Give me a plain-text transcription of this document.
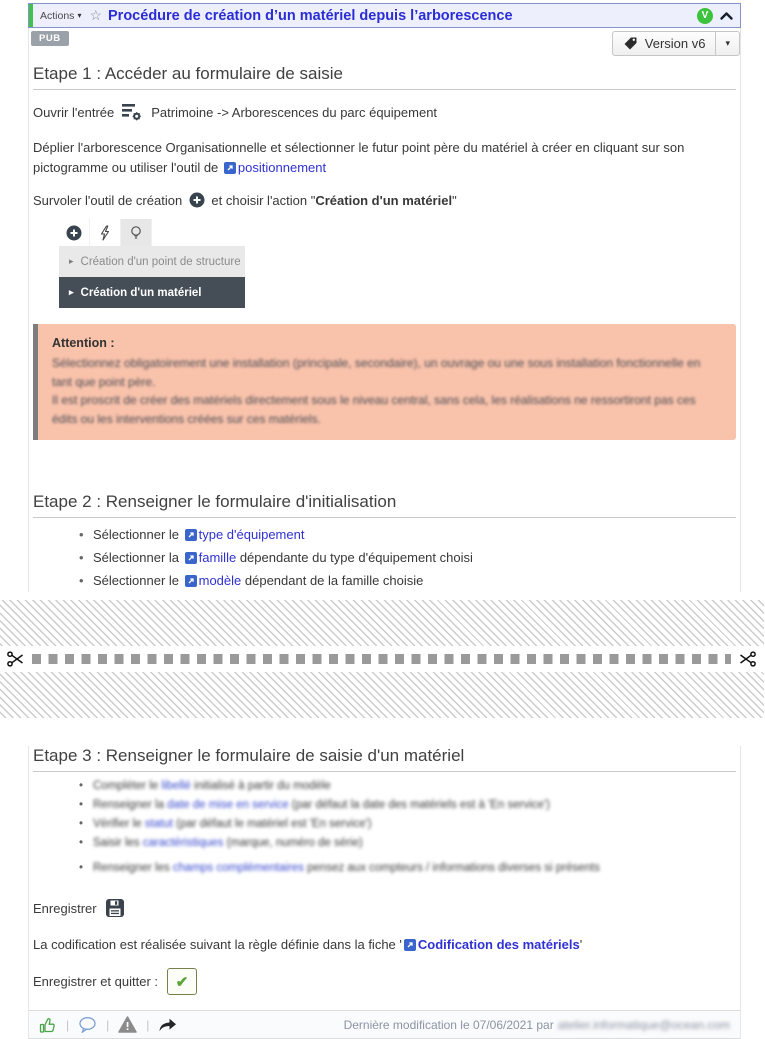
Actions ▾ ☆ Procédure de création d’un matériel depuis l’arborescence	V
PUB	Version v6 ▾
Etape 1 : Accéder au formulaire de saisie
Ouvrir l'entrée	Patrimoine -> Arborescences du parc équipement

Déplier l'arborescence Organisationnelle et sélectionner le futur point père du matériel à créer en cliquant sur son pictogramme ou utiliser l'outil de positionnement

Survoler l'outil de création et choisir l'action "Création d'un matériel"

▸ Création d'un point de structure
▸ Création d'un matériel
Attention :
Sélectionnez obligatoirement une installation (principale, secondaire), un ouvrage ou une sous installation fonctionnelle en tant que point père.
Il est proscrit de créer des matériels directement sous le niveau central, sans cela, les réalisations ne ressortiront pas ces édits ou les interventions créées sur ces matériels.
Etape 2 : Renseigner le formulaire d'initialisation
• Sélectionner le
type d'équipement
• Sélectionner la
famille dépendante du type d'équipement choisi
• Sélectionner le
modèle dépendant de la famille choisie
Etape 3 : Renseigner le formulaire de saisie d'un matériel
• Compléter le libellé initialisé à partir du modèle
• Renseigner la date de mise en service (par défaut la date des matériels est à 'En service')
• Vérifier le statut (par défaut le matériel est 'En service')
• Saisir les caractéristiques (marque, numéro de série)
• Renseigner les champs complémentaires pensez aux compteurs / informations diverses si présents
Enregistrer

La codification est réalisée suivant la règle définie dans la fiche ' Codification des matériels'

Enregistrer et quitter : ✔
|	|	|	Dernière modification le 07/06/2021 par atelier.informatique@ocean.com
